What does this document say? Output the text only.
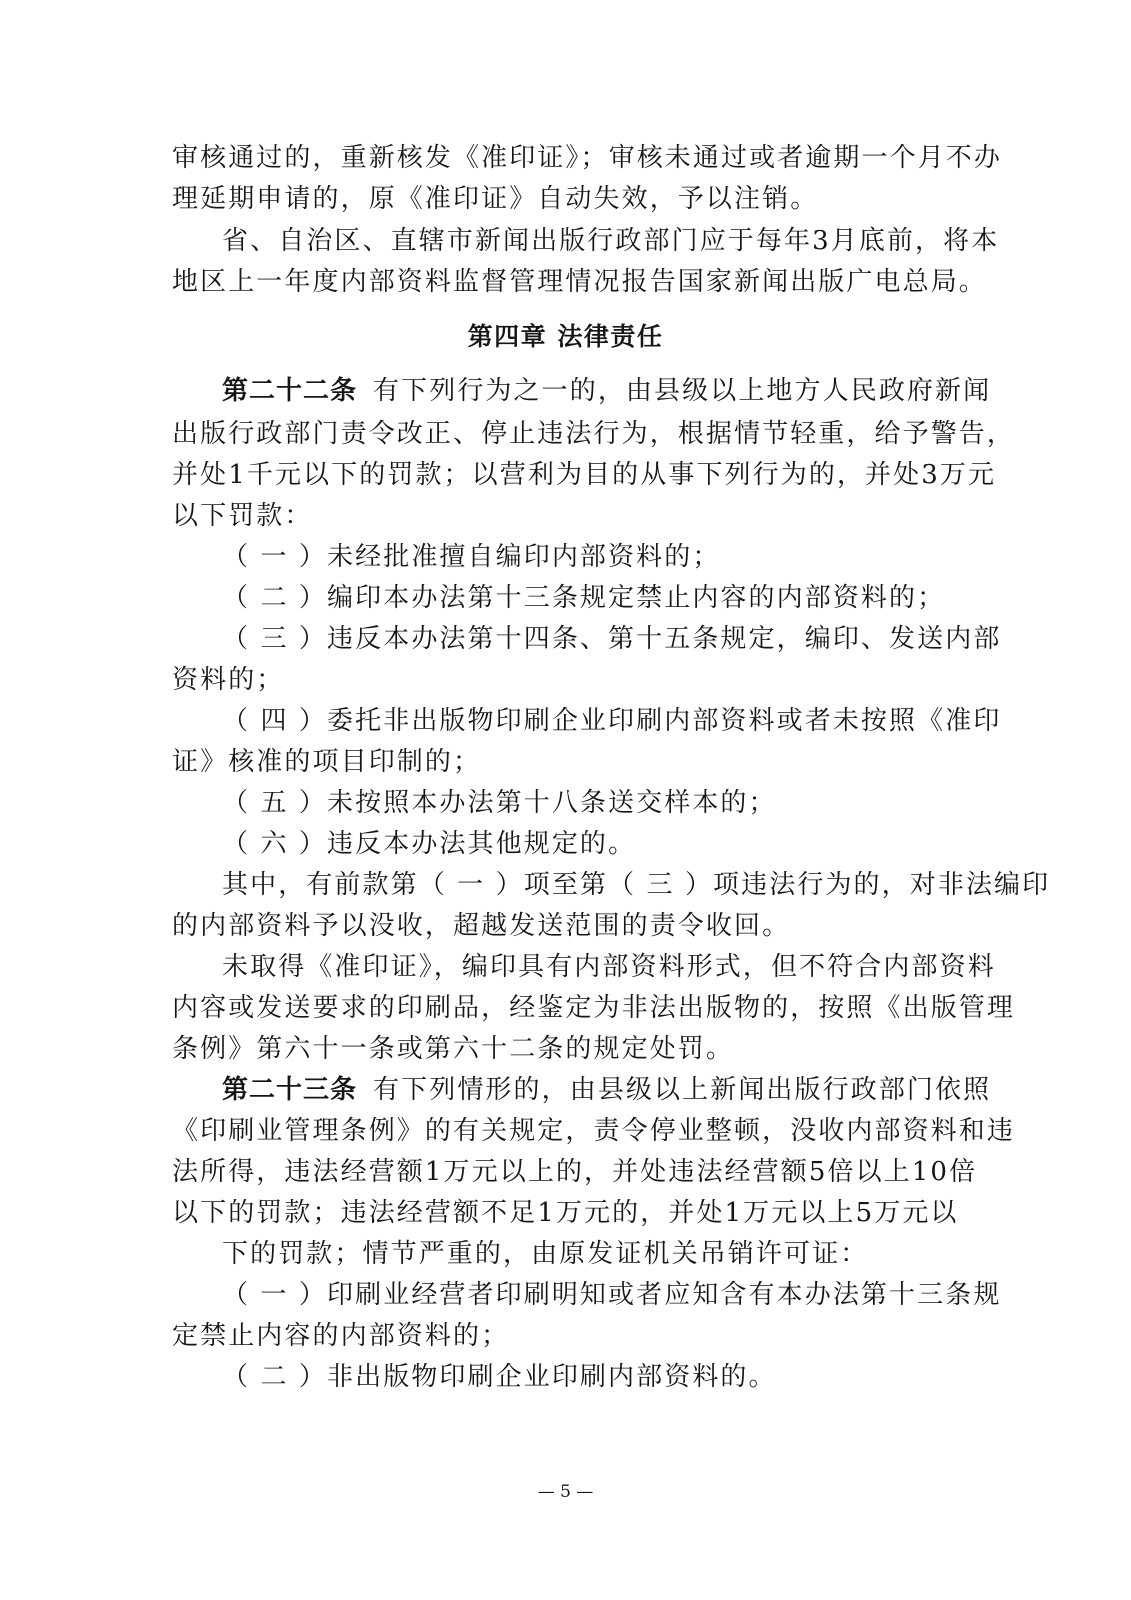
审核通过的，重新核发《准印证》；审核未通过或者逾期一个月不办
理延期申请的，原《准印证》自动失效，予以注销。
省、自治区、直辖市新闻出版行政部门应于每年3月底前，将本
地区上一年度内部资料监督管理情况报告国家新闻出版广电总局。
第四章 法律责任
第二十二条 有下列行为之一的，由县级以上地方人民政府新闻
出版行政部门责令改正、停止违法行为，根据情节轻重，给予警告，
并处1千元以下的罚款；以营利为目的从事下列行为的，并处3万元
以下罚款：
（ 一 ）未经批准擅自编印内部资料的；
（ 二 ）编印本办法第十三条规定禁止内容的内部资料的；
（ 三 ）违反本办法第十四条、第十五条规定，编印、发送内部
资料的；
（ 四 ）委托非出版物印刷企业印刷内部资料或者未按照《准印
证》核准的项目印制的；
（ 五 ）未按照本办法第十八条送交样本的；
（ 六 ）违反本办法其他规定的。
其中，有前款第（ 一 ）项至第（ 三 ）项违法行为的，对非法编印
的内部资料予以没收，超越发送范围的责令收回。
未取得《准印证》，编印具有内部资料形式，但不符合内部资料
内容或发送要求的印刷品，经鉴定为非法出版物的，按照《出版管理
条例》第六十一条或第六十二条的规定处罚。
第二十三条 有下列情形的，由县级以上新闻出版行政部门依照
《印刷业管理条例》的有关规定，责令停业整顿，没收内部资料和违
法所得，违法经营额1万元以上的，并处违法经营额5倍以上10倍
以下的罚款；违法经营额不足1万元的，并处1万元以上5万元以
下的罚款；情节严重的，由原发证机关吊销许可证：
（ 一 ）印刷业经营者印刷明知或者应知含有本办法第十三条规
定禁止内容的内部资料的；
（ 二 ）非出版物印刷企业印刷内部资料的。
— 5 —
